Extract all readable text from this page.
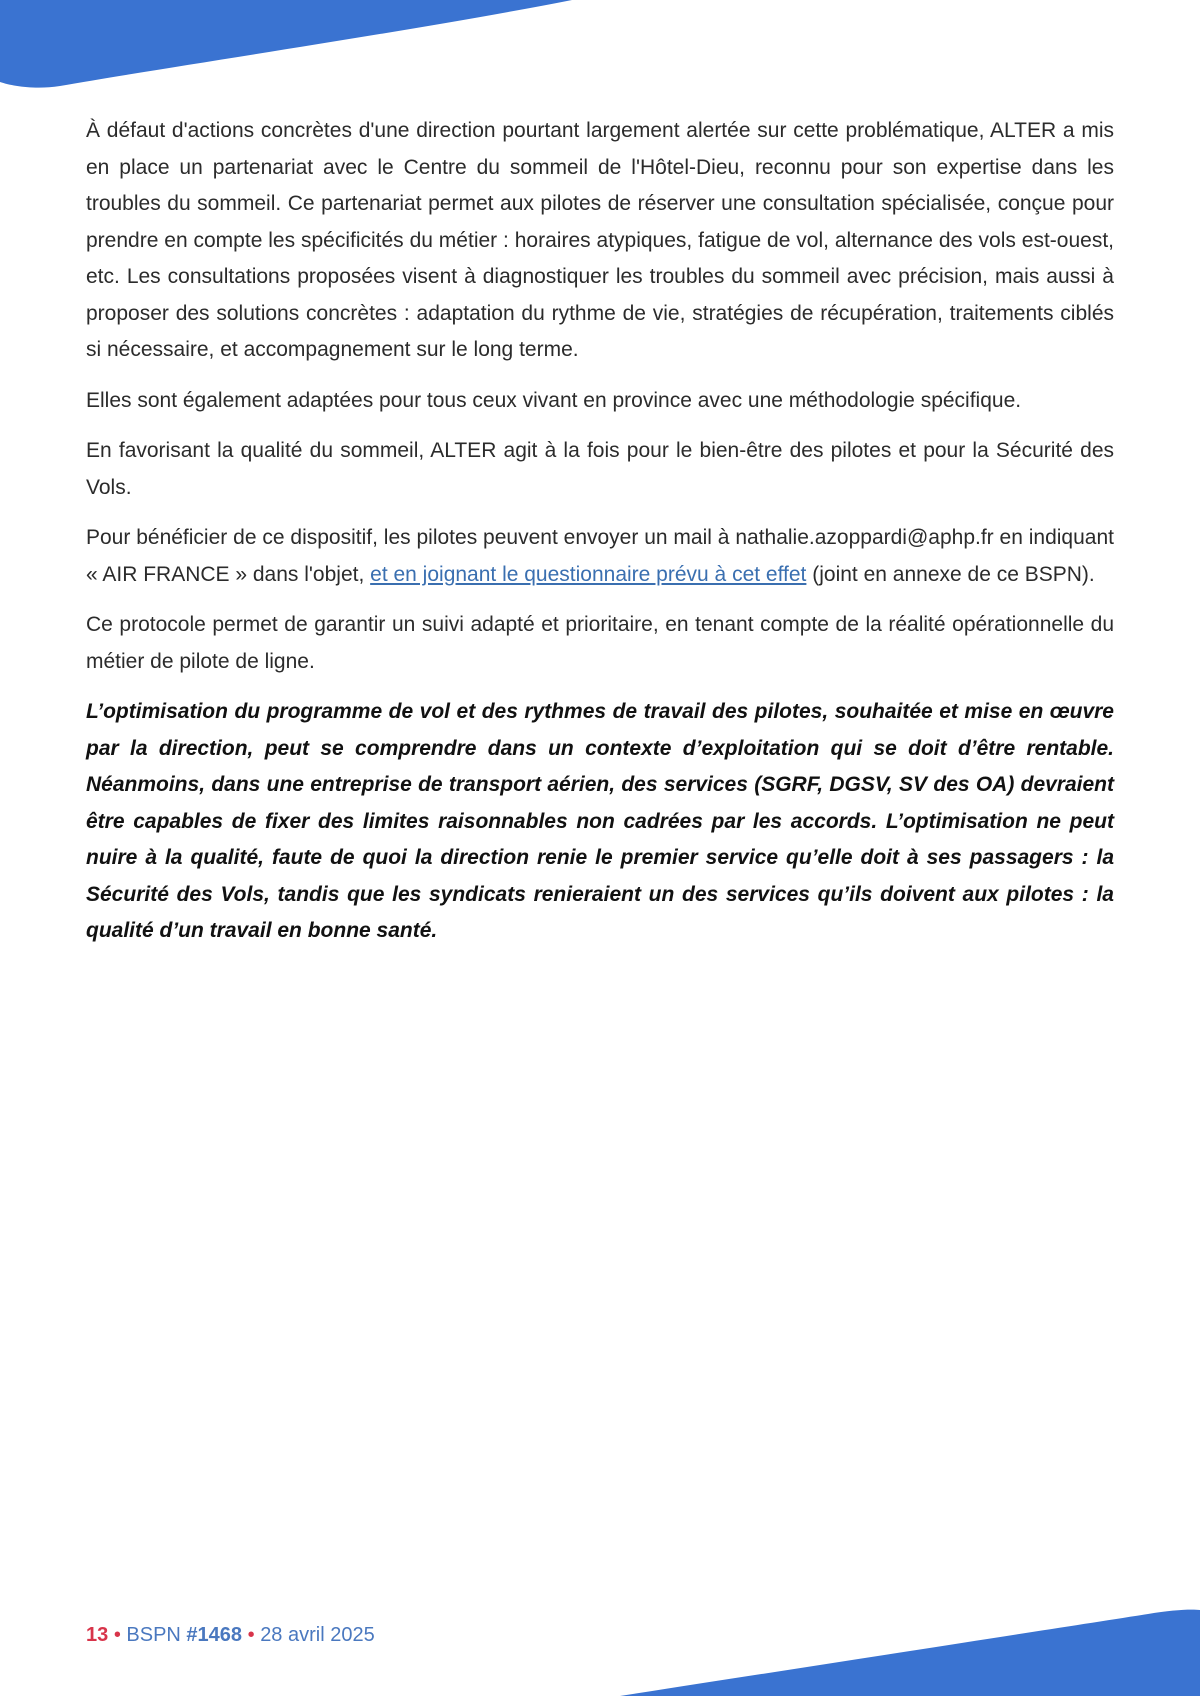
À défaut d'actions concrètes d'une direction pourtant largement alertée sur cette problématique, ALTER a mis en place un partenariat avec le Centre du sommeil de l'Hôtel-Dieu, reconnu pour son expertise dans les troubles du sommeil. Ce partenariat permet aux pilotes de réserver une consultation spécialisée, conçue pour prendre en compte les spécificités du métier : horaires atypiques, fatigue de vol, alternance des vols est-ouest, etc. Les consultations proposées visent à diagnostiquer les troubles du sommeil avec précision, mais aussi à proposer des solutions concrètes : adaptation du rythme de vie, stratégies de récupération, traitements ciblés si nécessaire, et accompagnement sur le long terme.

Elles sont également adaptées pour tous ceux vivant en province avec une méthodologie spécifique.

En favorisant la qualité du sommeil, ALTER agit à la fois pour le bien-être des pilotes et pour la Sécurité des Vols.

Pour bénéficier de ce dispositif, les pilotes peuvent envoyer un mail à nathalie.azoppardi@aphp.fr en indiquant « AIR FRANCE » dans l'objet, et en joignant le questionnaire prévu à cet effet (joint en annexe de ce BSPN).

Ce protocole permet de garantir un suivi adapté et prioritaire, en tenant compte de la réalité opérationnelle du métier de pilote de ligne.

L’optimisation du programme de vol et des rythmes de travail des pilotes, souhaitée et mise en œuvre par la direction, peut se comprendre dans un contexte d’exploitation qui se doit d’être rentable. Néanmoins, dans une entreprise de transport aérien, des services (SGRF, DGSV, SV des OA) devraient être capables de fixer des limites raisonnables non cadrées par les accords. L’optimisation ne peut nuire à la qualité, faute de quoi la direction renie le premier service qu’elle doit à ses passagers : la Sécurité des Vols, tandis que les syndicats renieraient un des services qu’ils doivent aux pilotes : la qualité d’un travail en bonne santé.

13 • BSPN #1468 • 28 avril 2025
